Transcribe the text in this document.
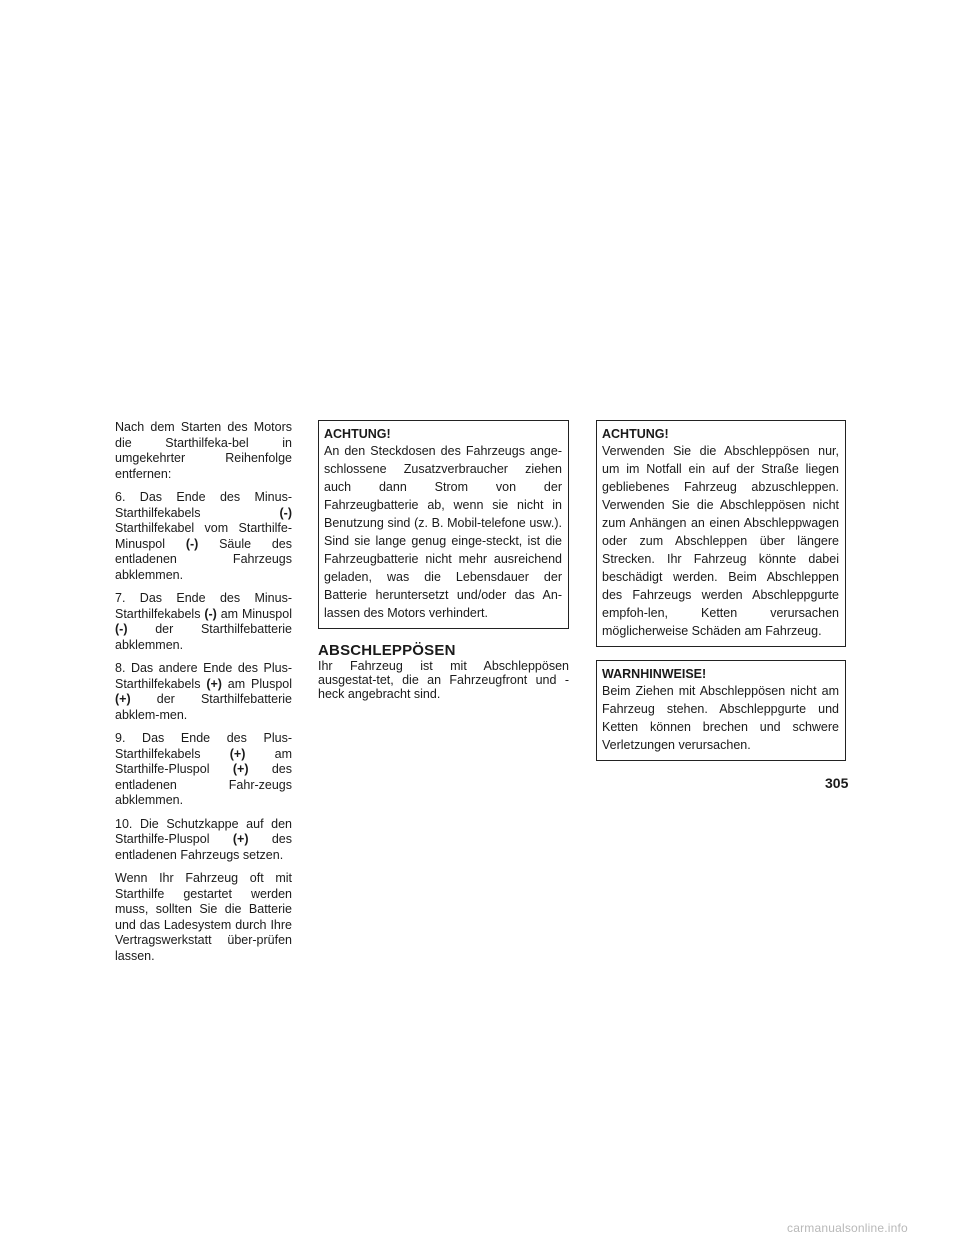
Nach dem Starten des Motors die Starthilfeka-bel in umgekehrter Reihenfolge entfernen:

6. Das Ende des Minus-Starthilfekabels (-) Starthilfekabel vom Starthilfe-Minuspol (-) Säule des entladenen Fahrzeugs abklemmen.

7. Das Ende des Minus-Starthilfekabels (-) am Minuspol (-) der Starthilfebatterie abklemmen.

8. Das andere Ende des Plus-Starthilfekabels (+) am Pluspol (+) der Starthilfebatterie abklem-men.

9. Das Ende des Plus-Starthilfekabels (+) am Starthilfe-Pluspol (+) des entladenen Fahr-zeugs abklemmen.

10. Die Schutzkappe auf den Starthilfe-Pluspol (+) des entladenen Fahrzeugs setzen.

Wenn Ihr Fahrzeug oft mit Starthilfe gestartet werden muss, sollten Sie die Batterie und das Ladesystem durch Ihre Vertragswerkstatt über-prüfen lassen.

ACHTUNG!
An den Steckdosen des Fahrzeugs ange-schlossene Zusatzverbraucher ziehen auch dann Strom von der Fahrzeugbatterie ab, wenn sie nicht in Benutzung sind (z. B. Mobil-telefone usw.). Sind sie lange genug einge-steckt, ist die Fahrzeugbatterie nicht mehr ausreichend geladen, was die Lebensdauer der Batterie heruntersetzt und/oder das An-lassen des Motors verhindert.
ABSCHLEPPÖSEN

Ihr Fahrzeug ist mit Abschleppösen ausgestat-tet, die an Fahrzeugfront und -heck angebracht sind.

ACHTUNG!
Verwenden Sie die Abschleppösen nur, um im Notfall ein auf der Straße liegen gebliebenes Fahrzeug abzuschleppen. Verwenden Sie die Abschleppösen nicht zum Anhängen an einen Abschleppwagen oder zum Abschleppen über längere Strecken. Ihr Fahrzeug könnte dabei beschädigt werden. Beim Abschleppen des Fahrzeugs werden Abschleppgurte empfoh-len, Ketten verursachen möglicherweise Schäden am Fahrzeug.
WARNHINWEISE!
Beim Ziehen mit Abschleppösen nicht am Fahrzeug stehen. Abschleppgurte und Ketten können brechen und schwere Verletzungen verursachen.
305
carmanualsonline.info
